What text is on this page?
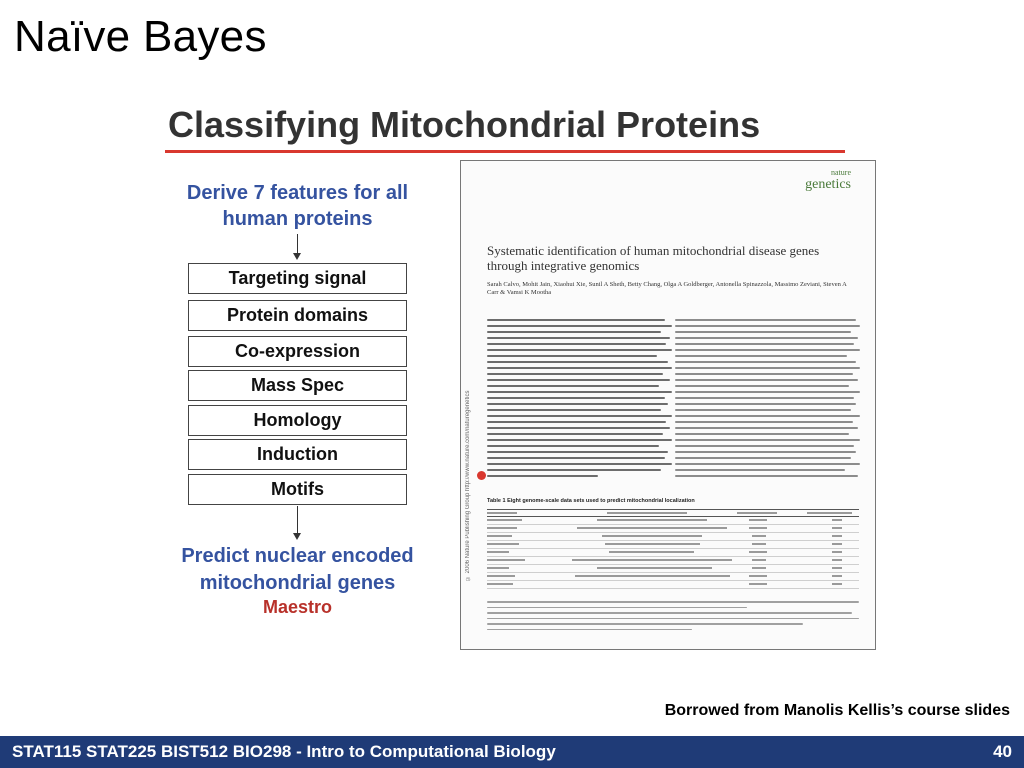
Naïve Bayes
Classifying Mitochondrial Proteins
Derive 7 features for all human proteins
Targeting signal
Protein domains
Co-expression
Mass Spec
Homology
Induction
Motifs
Predict nuclear encoded mitochondrial genes
Maestro
nature
genetics
© 2006 Nature Publishing Group http://www.nature.com/naturegenetics
Systematic identification of human mitochondrial disease genes through integrative genomics
Sarah Calvo, Mohit Jain, Xiaohui Xie, Sunil A Sheth, Betty Chang, Olga A Goldberger, Antonella Spinazzola, Massimo Zeviani, Steven A Carr & Vamsi K Mootha
Table 1 Eight genome-scale data sets used to predict mitochondrial localization
Borrowed from Manolis Kellis’s course slides
STAT115 STAT225 BIST512 BIO298 - Intro to Computational Biology	40
